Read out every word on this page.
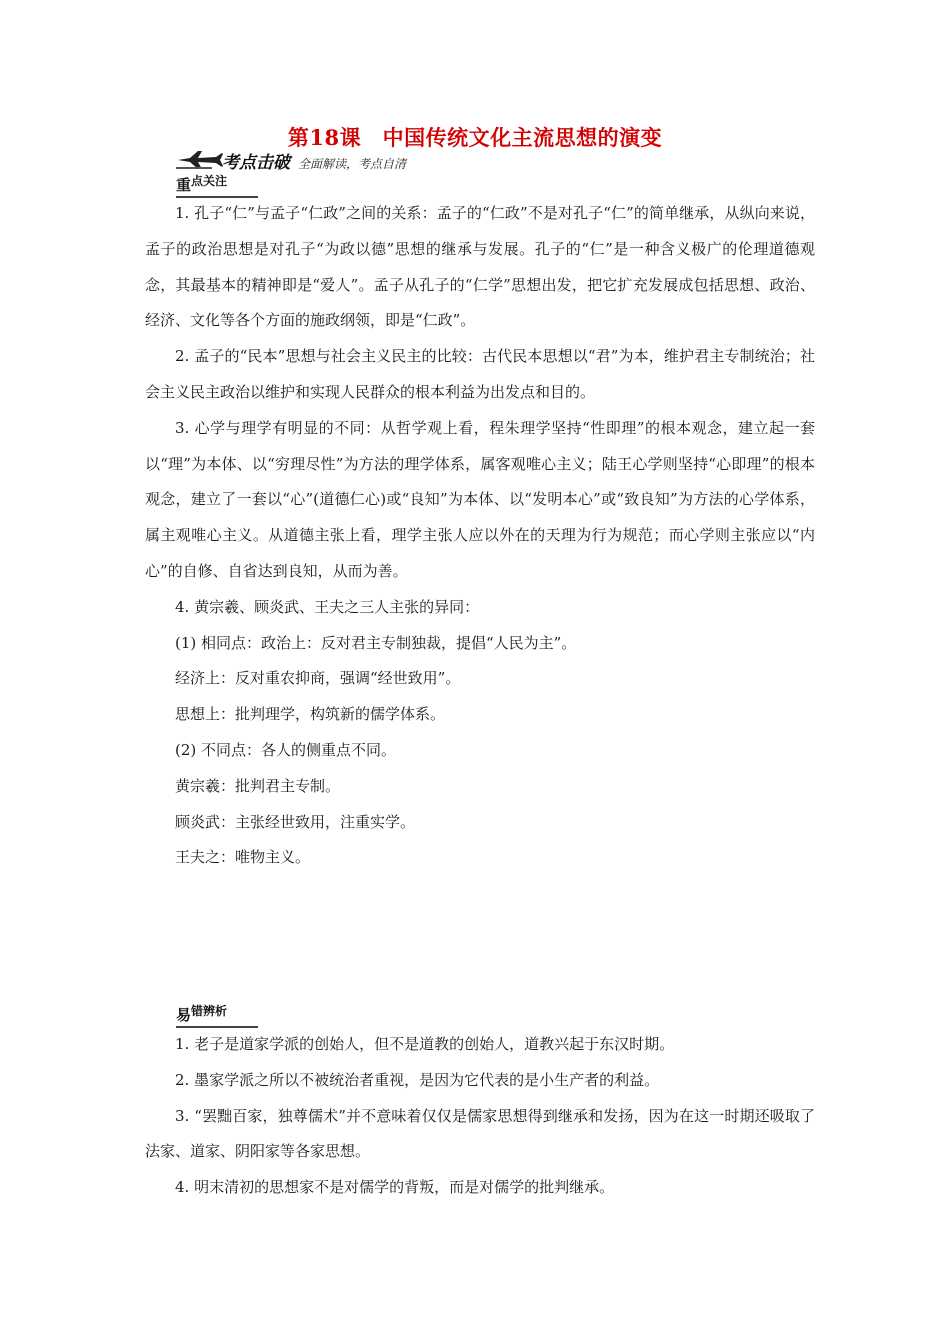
第18课　中国传统文化主流思想的演变
考点击破 全面解读，考点自清
重点关注

1. 孔子“仁”与孟子“仁政”之间的关系：孟子的“仁政”不是对孔子“仁”的简单继承，从纵向来说，孟子的政治思想是对孔子“为政以德”思想的继承与发展。孔子的“仁”是一种含义极广的伦理道德观念，其最基本的精神即是“爱人”。孟子从孔子的“仁学”思想出发，把它扩充发展成包括思想、政治、经济、文化等各个方面的施政纲领，即是“仁政”。

2. 孟子的“民本”思想与社会主义民主的比较：古代民本思想以“君”为本，维护君主专制统治；社会主义民主政治以维护和实现人民群众的根本利益为出发点和目的。

3. 心学与理学有明显的不同：从哲学观上看，程朱理学坚持“性即理”的根本观念，建立起一套以“理”为本体、以“穷理尽性”为方法的理学体系，属客观唯心主义；陆王心学则坚持“心即理”的根本观念，建立了一套以“心”(道德仁心)或“良知”为本体、以“发明本心”或“致良知”为方法的心学体系，属主观唯心主义。从道德主张上看，理学主张人应以外在的天理为行为规范；而心学则主张应以“内心”的自修、自省达到良知，从而为善。

4. 黄宗羲、顾炎武、王夫之三人主张的异同：

(1) 相同点：政治上：反对君主专制独裁，提倡“人民为主”。

经济上：反对重农抑商，强调“经世致用”。

思想上：批判理学，构筑新的儒学体系。

(2) 不同点：各人的侧重点不同。

黄宗羲：批判君主专制。

顾炎武：主张经世致用，注重实学。

王夫之：唯物主义。

易错辨析

1. 老子是道家学派的创始人，但不是道教的创始人，道教兴起于东汉时期。

2. 墨家学派之所以不被统治者重视，是因为它代表的是小生产者的利益。

3. “罢黜百家，独尊儒术”并不意味着仅仅是儒家思想得到继承和发扬，因为在这一时期还吸取了法家、道家、阴阳家等各家思想。

4. 明末清初的思想家不是对儒学的背叛，而是对儒学的批判继承。
